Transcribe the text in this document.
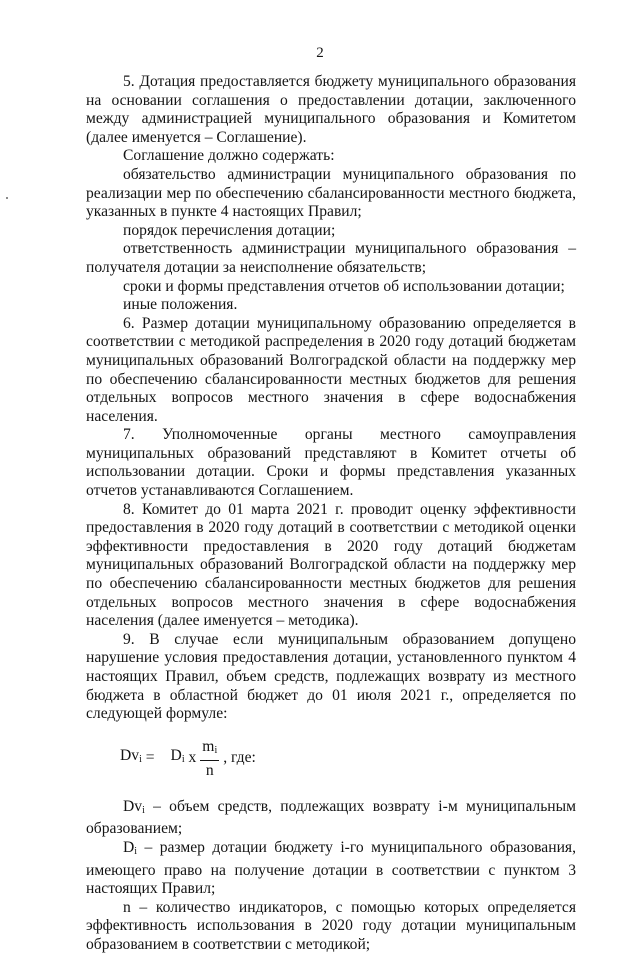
2

5. Дотация предоставляется бюджету муниципального образования на основании соглашения о предоставлении дотации, заключенного между администрацией муниципального образования и Комитетом (далее именуется – Соглашение).

Соглашение должно содержать:

обязательство администрации муниципального образования по реализации мер по обеспечению сбалансированности местного бюджета, указанных в пункте 4 настоящих Правил;

порядок перечисления дотации;

ответственность администрации муниципального образования – получателя дотации за неисполнение обязательств;

сроки и формы представления отчетов об использовании дотации;

иные положения.

6. Размер дотации муниципальному образованию определяется в соответствии с методикой распределения в 2020 году дотаций бюджетам муниципальных образований Волгоградской области на поддержку мер по обеспечению сбалансированности местных бюджетов для решения отдельных вопросов местного значения в сфере водоснабжения населения.

7. Уполномоченные органы местного самоуправления муниципальных образований представляют в Комитет отчеты об использовании дотации. Сроки и формы представления указанных отчетов устанавливаются Соглашением.

8. Комитет до 01 марта 2021 г. проводит оценку эффективности предоставления в 2020 году дотаций в соответствии с методикой оценки эффективности предоставления в 2020 году дотаций бюджетам муниципальных образований Волгоградской области на поддержку мер по обеспечению сбалансированности местных бюджетов для решения отдельных вопросов местного значения в сфере водоснабжения населения (далее именуется – методика).

9. В случае если муниципальным образованием допущено нарушение условия предоставления дотации, установленного пунктом 4 настоящих Правил, объем средств, подлежащих возврату из местного бюджета в областной бюджет до 01 июля 2021 г., определяется по следующей формуле:

$Dv_i$
= $D_i$
x $\frac{m_i}{n}$ , где:

$Dv_i$ – объем средств, подлежащих возврату i-м муниципальным образованием;

$D_i$ – размер дотации бюджету i-го муниципального образования, имеющего право на получение дотации в соответствии с пунктом 3 настоящих Правил;

n – количество индикаторов, с помощью которых определяется эффективность использования в 2020 году дотации муниципальным образованием в соответствии с методикой;
